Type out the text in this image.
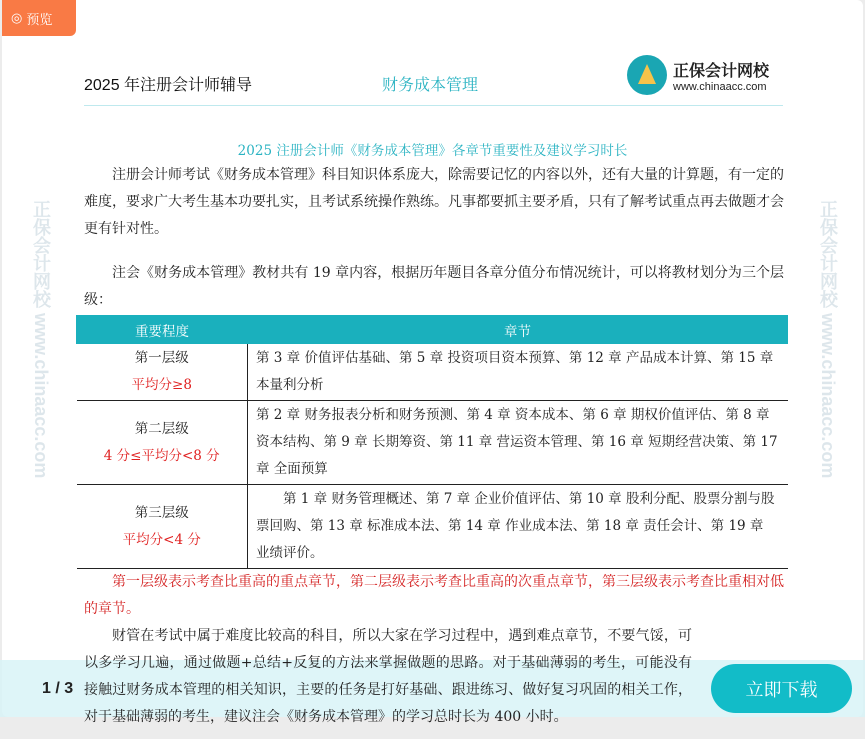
◎ 预览
2025 年注册会计师辅导	财务成本管理
正保会计网校
www.chinaacc.com
正保会计网校 www.chinaacc.com	正保会计网校 www.chinaacc.com
2025 注册会计师《财务成本管理》各章节重要性及建议学习时长
注册会计师考试《财务成本管理》科目知识体系庞大，除需要记忆的内容以外，还有大量的计算题，有一定的难度，要求广大考生基本功要扎实，且考试系统操作熟练。凡事都要抓主要矛盾，只有了解考试重点再去做题才会更有针对性。
注会《财务成本管理》教材共有 19 章内容，根据历年题目各章分值分布情况统计，可以将教材划分为三个层级：
重要程度	章节

第一层级
平均分≥8	第 3 章 价值评估基础、第 5 章 投资项目资本预算、第 12 章 产品成本计算、第 15 章 本量利分析

第二层级
4 分≤平均分<8 分	第 2 章 财务报表分析和财务预测、第 4 章 资本成本、第 6 章 期权价值评估、第 8 章 资本结构、第 9 章 长期筹资、第 11 章 营运资本管理、第 16 章 短期经营决策、第 17 章 全面预算

第三层级
平均分<4 分	第 1 章 财务管理概述、第 7 章 企业价值评估、第 10 章 股利分配、股票分割与股票回购、第 13 章 标准成本法、第 14 章 作业成本法、第 18 章 责任会计、第 19 章 业绩评价。
第一层级表示考查比重高的重点章节，第二层级表示考查比重高的次重点章节，第三层级表示考查比重相对低的章节。
财管在考试中属于难度比较高的科目，所以大家在学习过程中，遇到难点章节，不要气馁，可以多学习几遍，通过做题+总结+反复的方法来掌握做题的思路。对于基础薄弱的考生，可能没有接触过财务成本管理的相关知识，主要的任务是打好基础、跟进练习、做好复习巩固的相关工作，对于基础薄弱的考生，建议注会《财务成本管理》的学习总时长为 400 小时。
1 / 3	立即下载
